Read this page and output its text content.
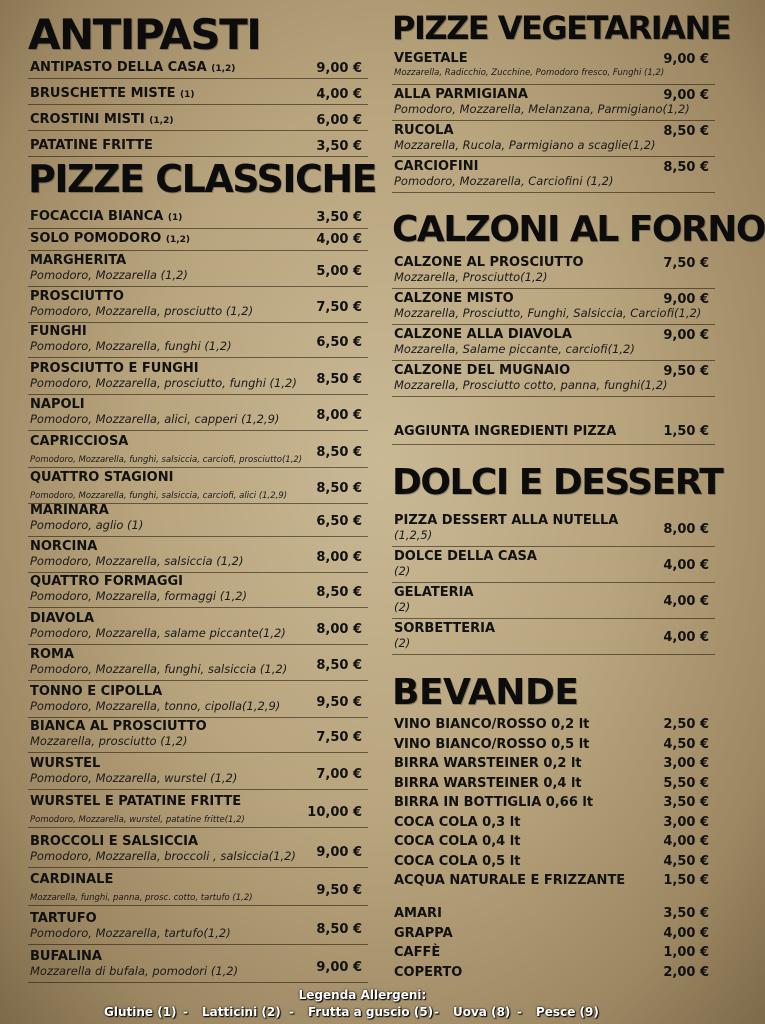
ANTIPASTI
ANTIPASTO DELLA CASA (1,2)	9,00 €
BRUSCHETTE MISTE (1)	4,00 €
CROSTINI MISTI (1,2)	6,00 €
PATATINE FRITTE	3,50 €
PIZZE CLASSICHE
FOCACCIA BIANCA (1)	3,50 €
SOLO POMODORO (1,2)	4,00 €
MARGHERITA
Pomodoro, Mozzarella (1,2)	5,00 €
PROSCIUTTO
Pomodoro, Mozzarella, prosciutto (1,2)	7,50 €
FUNGHI
Pomodoro, Mozzarella, funghi (1,2)	6,50 €
PROSCIUTTO E FUNGHI
Pomodoro, Mozzarella, prosciutto, funghi (1,2) 8,50 €
NAPOLI
Pomodoro, Mozzarella, alici, capperi (1,2,9)	8,00 €
CAPRICCIOSA
Pomodoro, Mozzarella, funghi, salsiccia, carciofi, prosciutto(1,2) 8,50 €
QUATTRO STAGIONI
Pomodoro, Mozzarella, funghi, salsiccia, carciofi, alici (1,2,9) 8,50 €
MARINARA
Pomodoro, aglio (1)	6,50 €
NORCINA
Pomodoro, Mozzarella, salsiccia (1,2)	8,00 €
QUATTRO FORMAGGI
Pomodoro, Mozzarella, formaggi (1,2)	8,50 €
DIAVOLA
Pomodoro, Mozzarella, salame piccante(1,2) 8,00 €
ROMA
Pomodoro, Mozzarella, funghi, salsiccia (1,2) 8,50 €
TONNO E CIPOLLA
Pomodoro, Mozzarella, tonno, cipolla(1,2,9)	9,50 €
BIANCA AL PROSCIUTTO
Mozzarella, prosciutto (1,2)	7,50 €
WURSTEL
Pomodoro, Mozzarella, wurstel (1,2)	7,00 €
WURSTEL E PATATINE FRITTE
Pomodoro, Mozzarella, wurstel, patatine fritte(1,2)	10,00 €
BROCCOLI E SALSICCIA
Pomodoro, Mozzarella, broccoli , salsiccia(1,2) 9,00 €
CARDINALE
Mozzarella, funghi, panna, prosc. cotto, tartufo (1,2)	9,50 €
TARTUFO
Pomodoro, Mozzarella, tartufo(1,2)	8,50 €
BUFALINA
Mozzarella di bufala, pomodori (1,2)	9,00 €
PIZZE VEGETARIANE
VEGETALE
Mozzarella, Radicchio, Zucchine, Pomodoro fresco, Funghi (1,2)
9,00 €
ALLA PARMIGIANA
Pomodoro, Mozzarella, Melanzana, Parmigiano(1,2)
9,00 €
RUCOLA
Mozzarella, Rucola, Parmigiano a scaglie(1,2)
8,50 €
CARCIOFINI
Pomodoro, Mozzarella, Carciofini (1,2)
8,50 €
CALZONI AL FORNO
CALZONE AL PROSCIUTTO
Mozzarella, Prosciutto(1,2)
7,50 €
CALZONE MISTO
Mozzarella, Prosciutto, Funghi, Salsiccia, Carciofi(1,2)
9,00 €
CALZONE ALLA DIAVOLA
Mozzarella, Salame piccante, carciofi(1,2)
9,00 €
CALZONE DEL MUGNAIO
Mozzarella, Prosciutto cotto, panna, funghi(1,2)
9,50 €
AGGIUNTA INGREDIENTI PIZZA	1,50 €
DOLCI E DESSERT
PIZZA DESSERT ALLA NUTELLA
(1,2,5)	8,00 €
DOLCE DELLA CASA
(2)	4,00 €
GELATERIA
(2)	4,00 €
SORBETTERIA
(2)	4,00 €
BEVANDE
VINO BIANCO/ROSSO 0,2 lt	2,50 €
VINO BIANCO/ROSSO 0,5 lt	4,50 €
BIRRA WARSTEINER 0,2 lt	3,00 €
BIRRA WARSTEINER 0,4 lt	5,50 €
BIRRA IN BOTTIGLIA 0,66 lt	3,50 €
COCA COLA 0,3 lt	3,00 €
COCA COLA 0,4 lt	4,00 €
COCA COLA 0,5 lt	4,50 €
ACQUA NATURALE E FRIZZANTE	1,50 €
AMARI	3,50 €
GRAPPA	4,00 €
CAFFÈ	1,00 €
COPERTO	2,00 €
Legenda Allergeni:
Glutine (1) - Latticini (2) - Frutta a guscio (5) - Uova (8) - Pesce (9)
